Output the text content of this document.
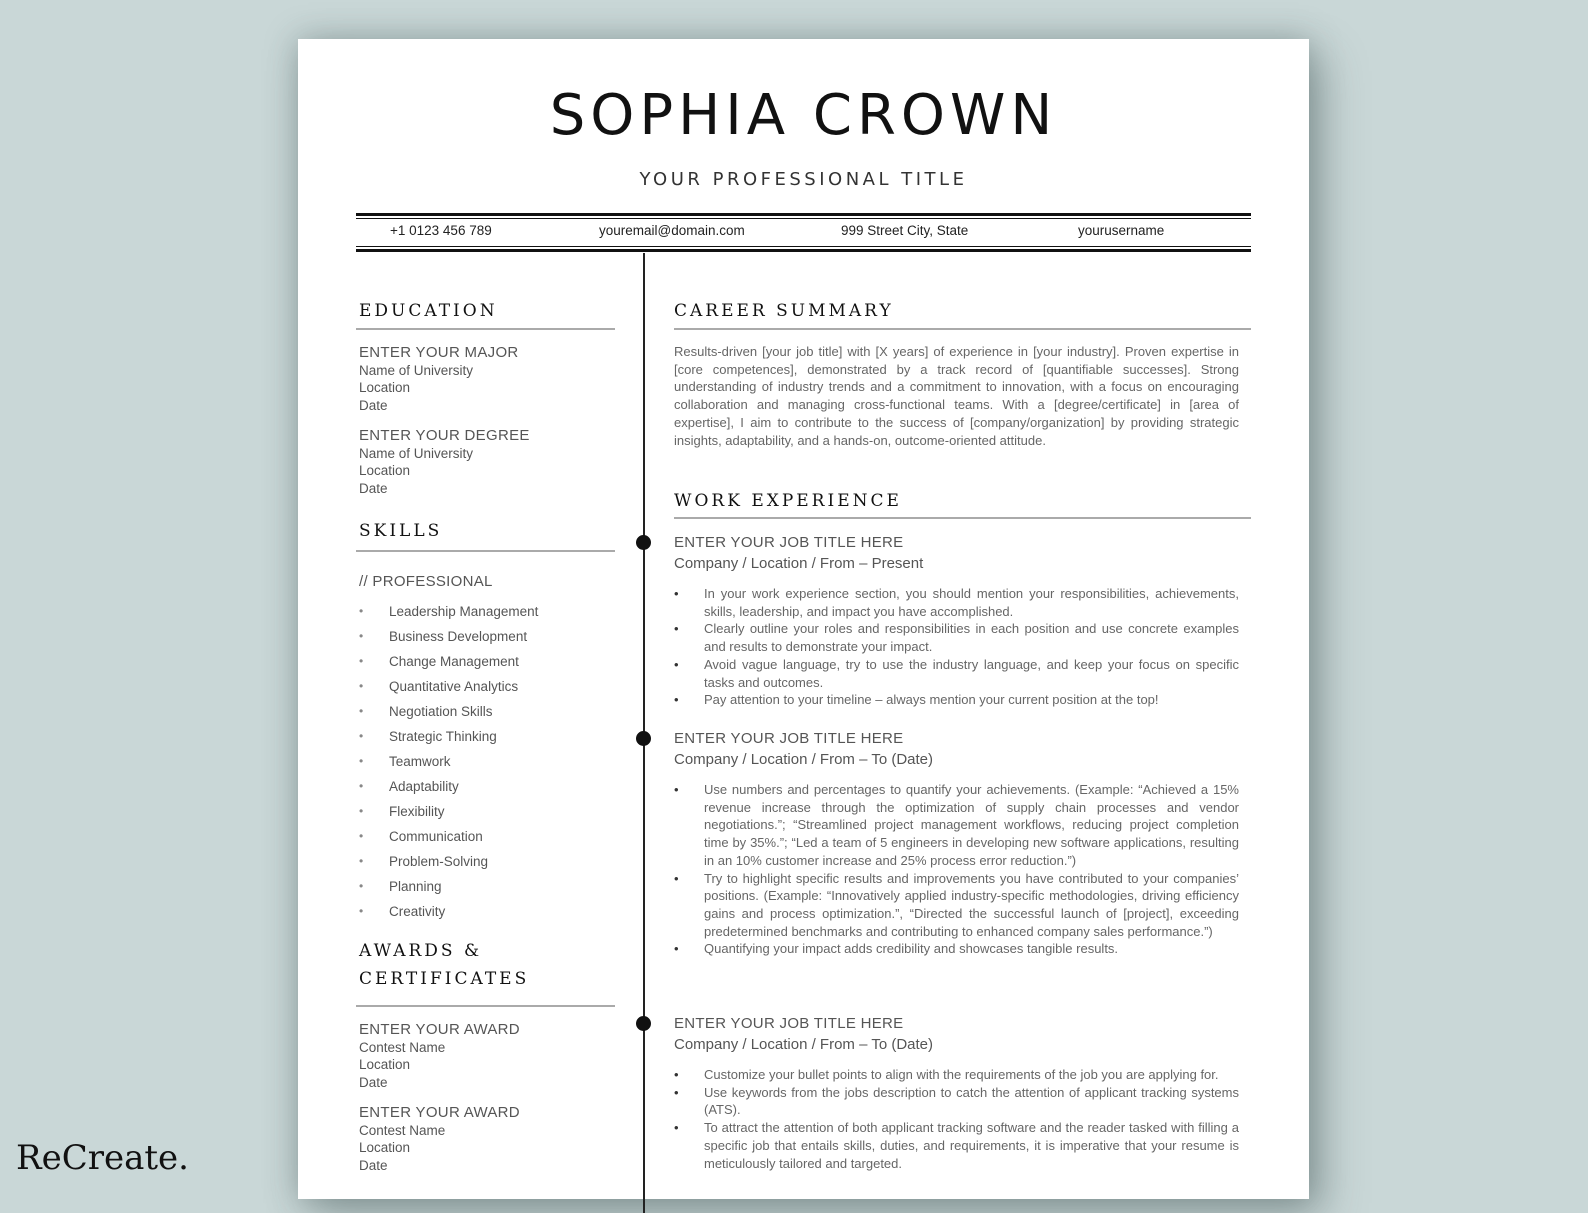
SOPHIA CROWN
YOUR PROFESSIONAL TITLE
+1 0123 456 789	youremail@domain.com	999 Street City, State	yourusername
EDUCATION
ENTER YOUR MAJOR
Name of University
Location
Date
ENTER YOUR DEGREE
Name of University
Location
Date
SKILLS
// PROFESSIONAL
• Leadership Management
• Business Development
• Change Management
• Quantitative Analytics
• Negotiation Skills
• Strategic Thinking
• Teamwork
• Adaptability
• Flexibility
• Communication
• Problem-Solving
• Planning
• Creativity
AWARDS &
CERTIFICATES
ENTER YOUR AWARD
Contest Name
Location
Date
ENTER YOUR AWARD
Contest Name
Location
Date
CAREER SUMMARY
Results-driven [your job title] with [X years] of experience in [your industry]. Proven expertise in [core competences], demonstrated by a track record of [quantifiable successes]. Strong understanding of industry trends and a commitment to innovation, with a focus on encouraging collaboration and managing cross-functional teams. With a [degree/certificate] in [area of expertise], I aim to contribute to the success of [company/organization] by providing strategic insights, adaptability, and a hands-on, outcome-oriented attitude.
WORK EXPERIENCE
ENTER YOUR JOB TITLE HERE
Company / Location / From – Present
• In your work experience section, you should mention your responsibilities, achievements, skills, leadership, and impact you have accomplished.
• Clearly outline your roles and responsibilities in each position and use concrete examples and results to demonstrate your impact.
• Avoid vague language, try to use the industry language, and keep your focus on specific tasks and outcomes.
• Pay attention to your timeline – always mention your current position at the top!
ENTER YOUR JOB TITLE HERE
Company / Location / From – To (Date)
• Use numbers and percentages to quantify your achievements. (Example: “Achieved a 15% revenue increase through the optimization of supply chain processes and vendor negotiations.”; “Streamlined project management workflows, reducing project completion time by 35%.”; “Led a team of 5 engineers in developing new software applications, resulting in an 10% customer increase and 25% process error reduction.”)
• Try to highlight specific results and improvements you have contributed to your companies’ positions. (Example: “Innovatively applied industry-specific methodologies, driving efficiency gains and process optimization.”, “Directed the successful launch of [project], exceeding predetermined benchmarks and contributing to enhanced company sales performance.”)
• Quantifying your impact adds credibility and showcases tangible results.
ENTER YOUR JOB TITLE HERE
Company / Location / From – To (Date)
• Customize your bullet points to align with the requirements of the job you are applying for.
• Use keywords from the jobs description to catch the attention of applicant tracking systems (ATS).
• To attract the attention of both applicant tracking software and the reader tasked with filling a specific job that entails skills, duties, and requirements, it is imperative that your resume is meticulously tailored and targeted.
ReCreate.
